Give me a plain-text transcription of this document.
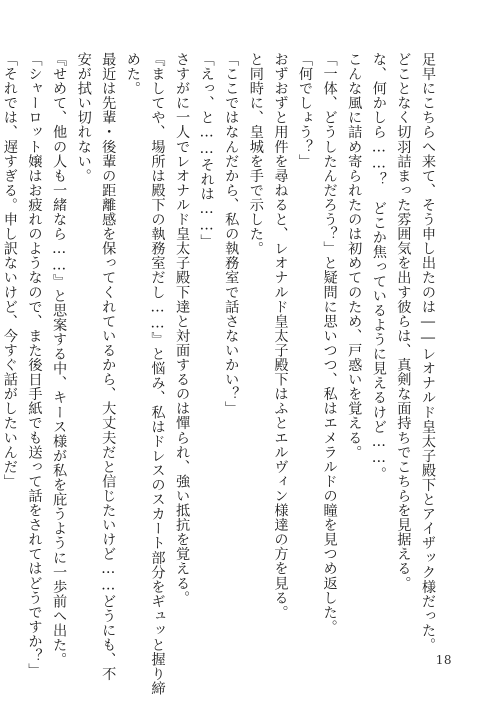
足早にこちらへ来て、そう申し出たのは――レオナルド皇太子殿下とアイザック様だった。
どことなく切羽詰まった雰囲気を出す彼らは、真剣な面持ちでこちらを見据える。
な、何かしら……？　どこか焦っているように見えるけど……。
こんな風に詰め寄られたのは初めてのため、戸惑いを覚える。
「一体、どうしたんだろう？」と疑問に思いつつ、私はエメラルドの瞳を見つめ返した。
「何でしょう？」
おずおずと用件を尋ねると、レオナルド皇太子殿下はふとエルヴィン様達の方を見る。
と同時に、皇城を手で示した。
「ここではなんだから、私の執務室で話さないかい？」
「えっ、と……それは……」
さすがに一人でレオナルド皇太子殿下達と対面するのは憚られ、強い抵抗を覚える。
『ましてや、場所は殿下の執務室だし……』と悩み、私はドレスのスカート部分をギュッと握り締
めた。
最近は先輩・後輩の距離感を保ってくれているから、大丈夫だと信じたいけど……どうにも、不
安が拭い切れない。
『せめて、他の人も一緒なら……』と思案する中、キース様が私を庇うように一歩前へ出た。
「シャーロット嬢はお疲れのようなので、また後日手紙でも送って話をされてはどうですか？」
「それでは、遅すぎる。申し訳ないけど、今すぐ話がしたいんだ」
18
